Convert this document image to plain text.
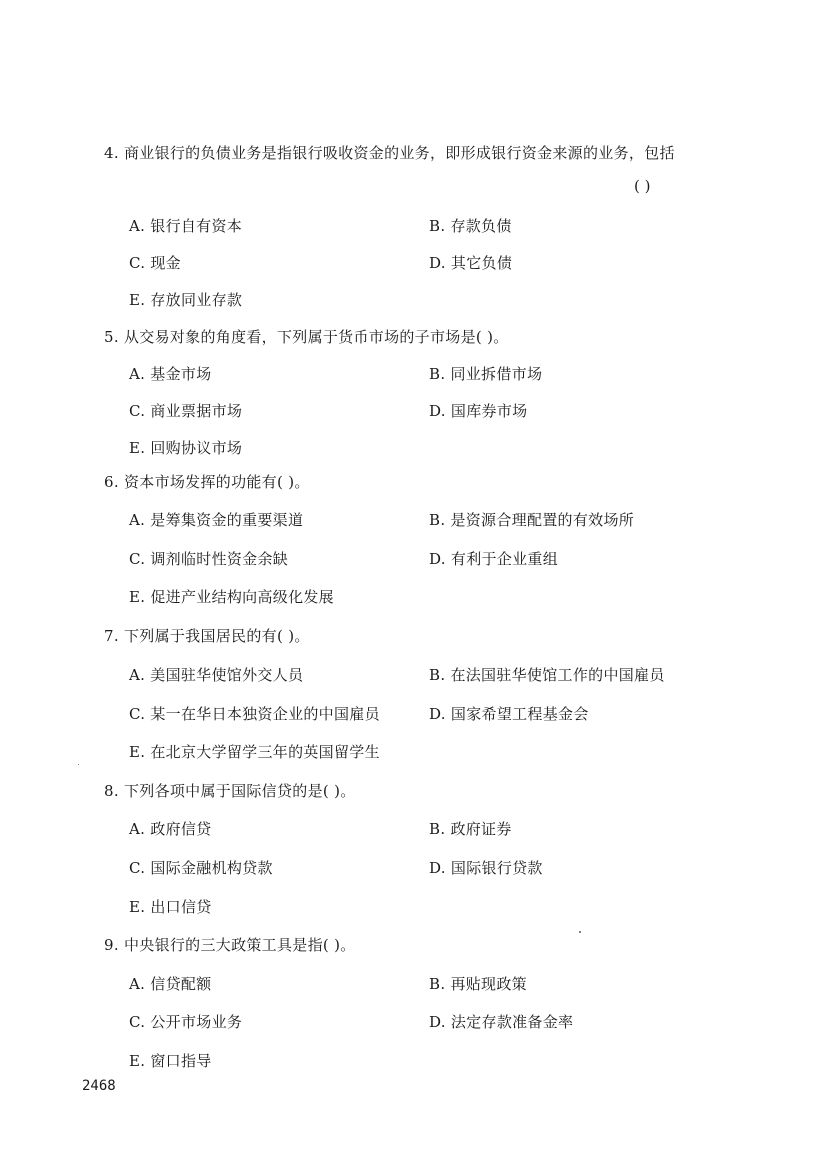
4. 商业银行的负债业务是指银行吸收资金的业务，即形成银行资金来源的业务，包括
( )
A. 银行自有资本	B. 存款负债
C. 现金	D. 其它负债
E. 存放同业存款
5. 从交易对象的角度看，下列属于货币市场的子市场是( )。
A. 基金市场	B. 同业拆借市场
C. 商业票据市场	D. 国库券市场
E. 回购协议市场
6. 资本市场发挥的功能有( )。
A. 是筹集资金的重要渠道	B. 是资源合理配置的有效场所
C. 调剂临时性资金余缺	D. 有利于企业重组
E. 促进产业结构向高级化发展
7. 下列属于我国居民的有( )。
A. 美国驻华使馆外交人员	B. 在法国驻华使馆工作的中国雇员
C. 某一在华日本独资企业的中国雇员	D. 国家希望工程基金会
E. 在北京大学留学三年的英国留学生
8. 下列各项中属于国际信贷的是( )。
A. 政府信贷	B. 政府证券
C. 国际金融机构贷款	D. 国际银行贷款
E. 出口信贷
9. 中央银行的三大政策工具是指( )。
A. 信贷配额	B. 再贴现政策
C. 公开市场业务	D. 法定存款准备金率
E. 窗口指导
2468
